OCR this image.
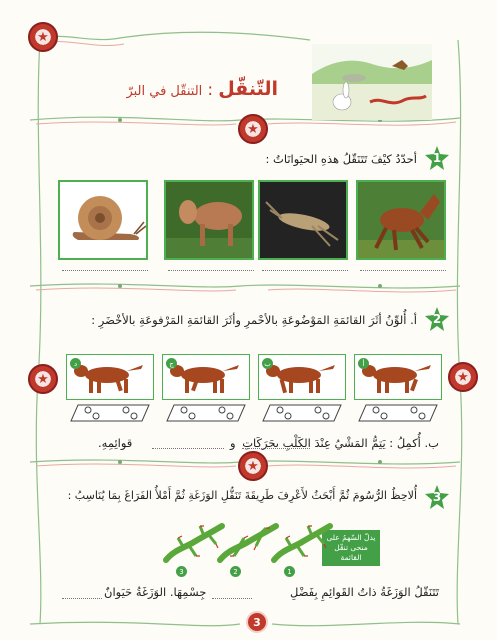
★
★
★	★
★
التّنقّل : التنقّل في البرّ
1
أحدّدُ كيْفَ تَتَنَقّلُ هذهِ الحيَوانَاتُ :
2
أ. أُلوِّنُ أثَرَ القائمَةِ المَوْضُوعَةِ بالأحْمرِ وأثَرَ القائمَةِ المَرْفوعَةِ بالأخْضَرِ :
أ
ب
ج
د
ب. أُكمِلُ : يَتِمُّ المَشْيُ عِنْدَ الكَلْبِ بحَرَكَاتِ
و
قوائِمِهِ.
3
أُلاحِظُ الرُّسُومَ ثُمَّ أَبْحَثُ لأَعْرِفَ طَرِيقَةَ تَنَقُّلِ الوَزَغَةِ ثُمَّ أَمْلأُ الفَرَاغَ بِمَا يُنَاسِبُ :
يدلّ السّهمُ على منحى تنقّل القائمة
3	2	1
تَتَنَقّلُ الوَزَغَةُ ذاتُ القَوائِمِ بِفَضْلِ
جِسْمِهَا. الوَزَغَةُ حَيَوانٌ
3
